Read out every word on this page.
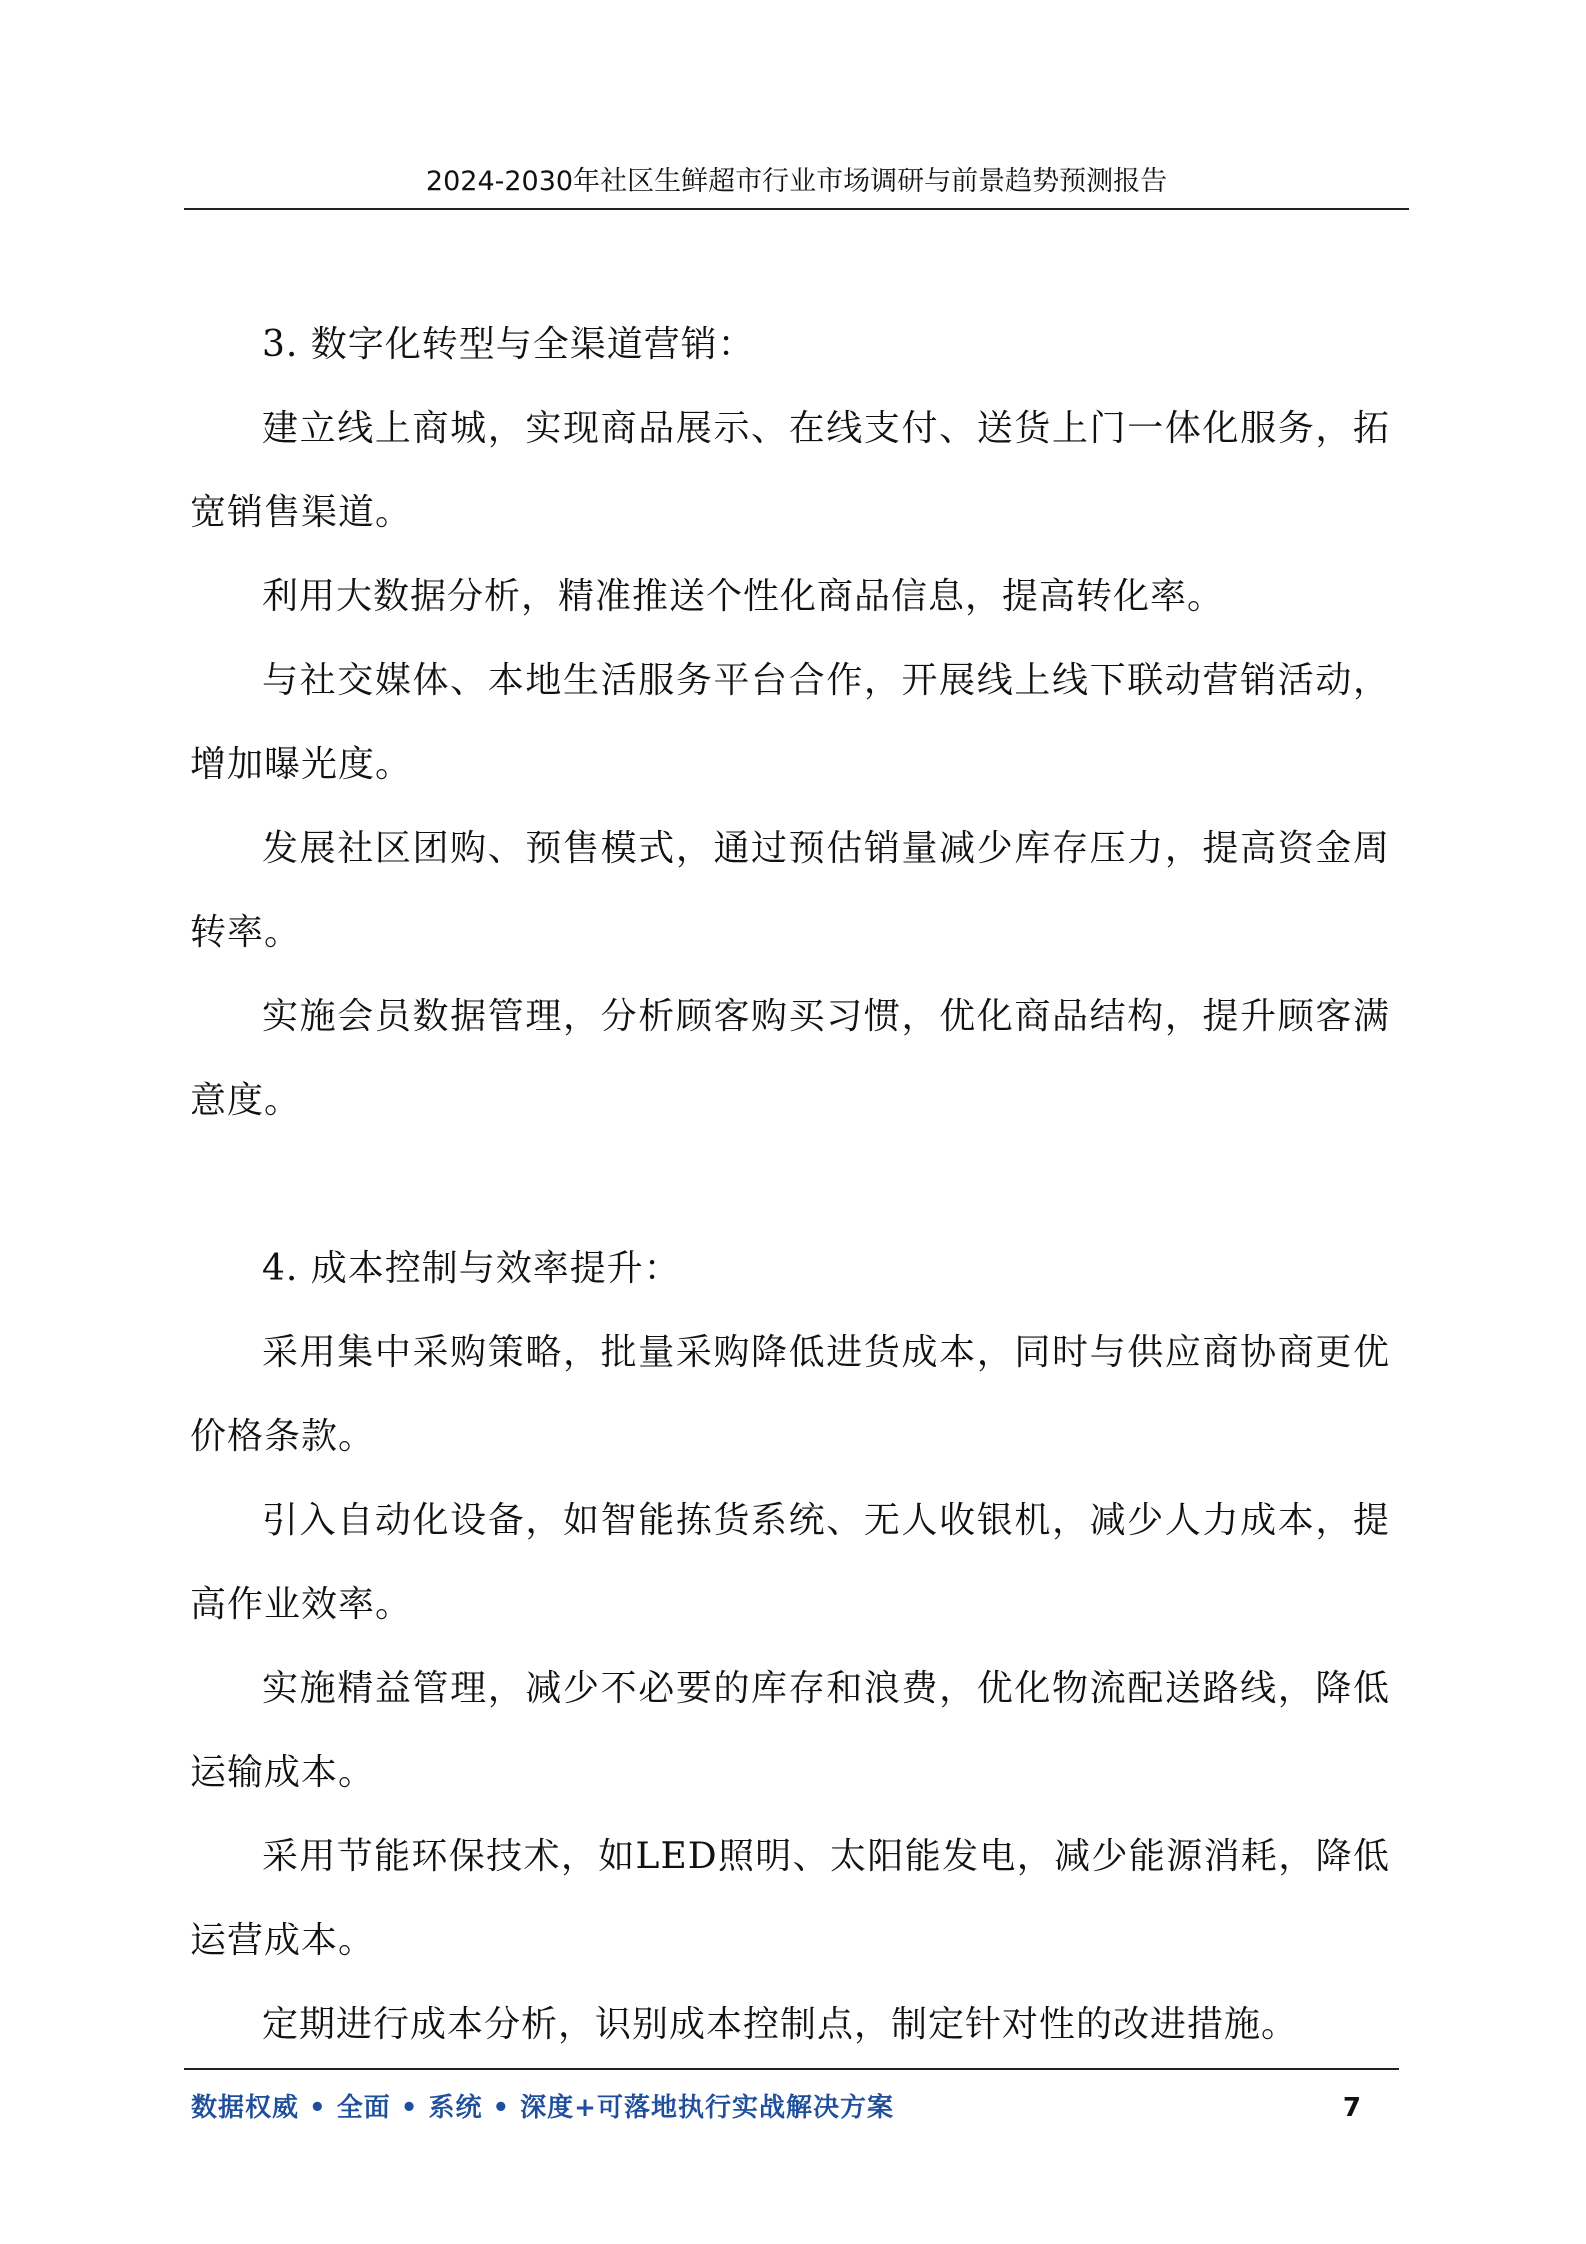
2024-2030年社区生鲜超市行业市场调研与前景趋势预测报告

3. 数字化转型与全渠道营销：

建立线上商城，实现商品展示、在线支付、送货上门一体化服务，拓宽销售渠道。

利用大数据分析，精准推送个性化商品信息，提高转化率。

与社交媒体、本地生活服务平台合作，开展线上线下联动营销活动，增加曝光度。

发展社区团购、预售模式，通过预估销量减少库存压力，提高资金周转率。

实施会员数据管理，分析顾客购买习惯，优化商品结构，提升顾客满意度。

4. 成本控制与效率提升：

采用集中采购策略，批量采购降低进货成本，同时与供应商协商更优价格条款。

引入自动化设备，如智能拣货系统、无人收银机，减少人力成本，提高作业效率。

实施精益管理，减少不必要的库存和浪费，优化物流配送路线，降低运输成本。

采用节能环保技术，如LED照明、太阳能发电，减少能源消耗，降低运营成本。

定期进行成本分析，识别成本控制点，制定针对性的改进措施。

数据权威 • 全面 • 系统 • 深度+可落地执行实战解决方案	7
